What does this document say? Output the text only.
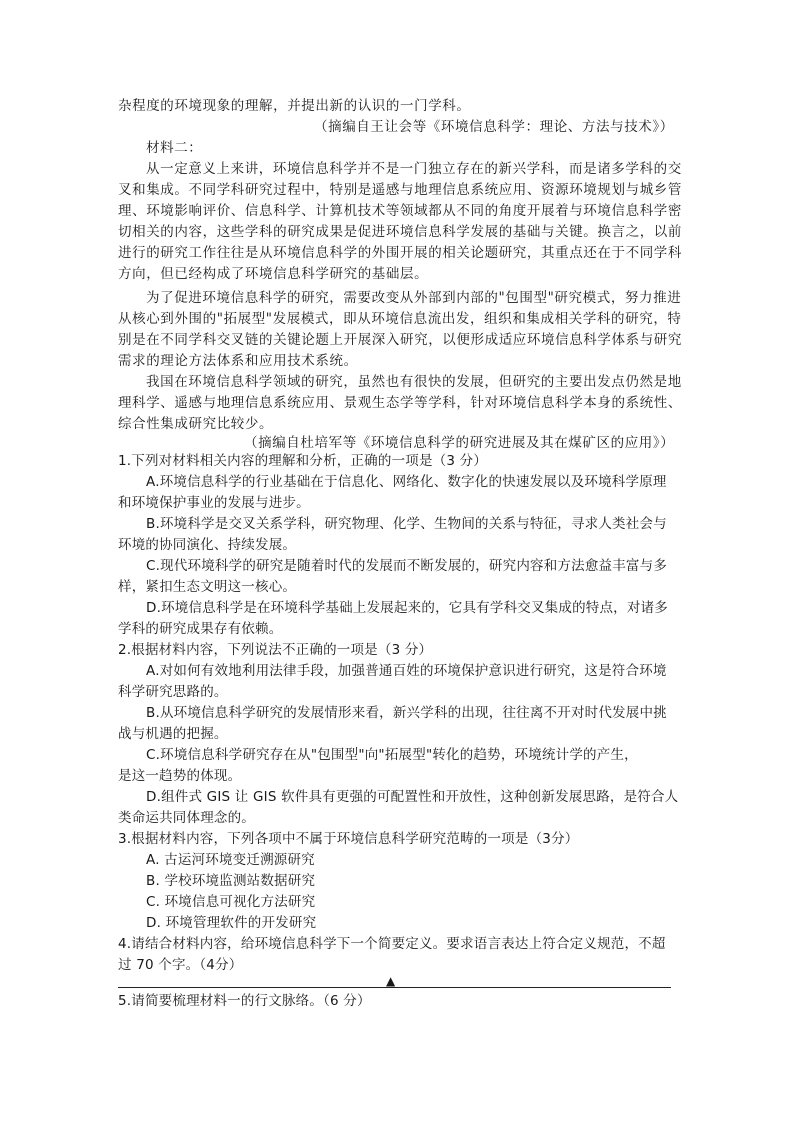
杂程度的环境现象的理解，并提出新的认识的一门学科。
（摘编自王让会等《环境信息科学：理论、方法与技术》）
材料二：
从一定意义上来讲，环境信息科学并不是一门独立存在的新兴学科，而是诸多学科的交
叉和集成。不同学科研究过程中，特别是遥感与地理信息系统应用、资源环境规划与城乡管
理、环境影响评价、信息科学、计算机技术等领域都从不同的角度开展着与环境信息科学密
切相关的内容，这些学科的研究成果是促进环境信息科学发展的基础与关键。换言之，以前
进行的研究工作往往是从环境信息科学的外围开展的相关论题研究，其重点还在于不同学科
方向，但已经构成了环境信息科学研究的基础层。
为了促进环境信息科学的研究，需要改变从外部到内部的"包围型"研究模式，努力推进
从核心到外围的"拓展型"发展模式，即从环境信息流出发，组织和集成相关学科的研究，特
别是在不同学科交叉链的关键论题上开展深入研究，以便形成适应环境信息科学体系与研究
需求的理论方法体系和应用技术系统。
我国在环境信息科学领域的研究，虽然也有很快的发展，但研究的主要出发点仍然是地
理科学、遥感与地理信息系统应用、景观生态学等学科，针对环境信息科学本身的系统性、
综合性集成研究比较少。
（摘编自杜培军等《环境信息科学的研究进展及其在煤矿区的应用》）
1.下列对材料相关内容的理解和分析，正确的一项是（3 分）
A.环境信息科学的行业基础在于信息化、网络化、数字化的快速发展以及环境科学原理
和环境保护事业的发展与进步。
B.环境科学是交叉关系学科，研究物理、化学、生物间的关系与特征，寻求人类社会与
环境的协同演化、持续发展。
C.现代环境科学的研究是随着时代的发展而不断发展的，研究内容和方法愈益丰富与多
样，紧扣生态文明这一核心。
D.环境信息科学是在环境科学基础上发展起来的，它具有学科交叉集成的特点，对诸多
学科的研究成果存有依赖。
2.根据材料内容，下列说法不正确的一项是（3 分）
A.对如何有效地利用法律手段，加强普通百姓的环境保护意识进行研究，这是符合环境
科学研究思路的。
B.从环境信息科学研究的发展情形来看，新兴学科的出现，往往离不开对时代发展中挑
战与机遇的把握。
C.环境信息科学研究存在从"包围型"向"拓展型"转化的趋势，环境统计学的产生，
是这一趋势的体现。
D.组件式 GIS 让 GIS 软件具有更强的可配置性和开放性，这种创新发展思路，是符合人
类命运共同体理念的。
3.根据材料内容，下列各项中不属于环境信息科学研究范畴的一项是（3分）
A. 古运河环境变迁溯源研究
B. 学校环境监测站数据研究
C. 环境信息可视化方法研究
D. 环境管理软件的开发研究
4.请结合材料内容，给环境信息科学下一个简要定义。要求语言表达上符合定义规范，不超
过 70 个字。（4分）
▲
5.请简要梳理材料一的行文脉络。（6 分）
